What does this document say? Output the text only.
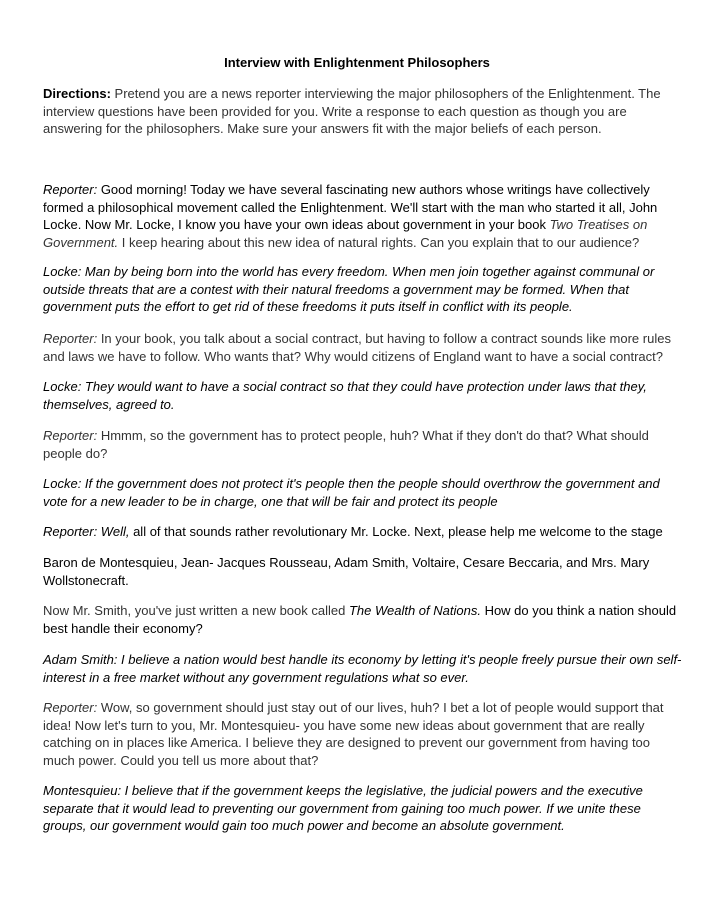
Interview with Enlightenment Philosophers
Directions: Pretend you are a news reporter interviewing the major philosophers of the Enlightenment. The interview questions have been provided for you. Write a response to each question as though you are answering for the philosophers. Make sure your answers fit with the major beliefs of each person.
Reporter: Good morning! Today we have several fascinating new authors whose writings have collectively formed a philosophical movement called the Enlightenment. We'll start with the man who started it all, John Locke. Now Mr. Locke, I know you have your own ideas about government in your book Two Treatises on Government. I keep hearing about this new idea of natural rights. Can you explain that to our audience?
Locke: Man by being born into the world has every freedom. When men join together against communal or outside threats that are a contest with their natural freedoms a government may be formed. When that government puts the effort to get rid of these freedoms it puts itself in conflict with its people.
Reporter: In your book, you talk about a social contract, but having to follow a contract sounds like more rules and laws we have to follow. Who wants that? Why would citizens of England want to have a social contract?
Locke: They would want to have a social contract so that they could have protection under laws that they, themselves, agreed to.
Reporter: Hmmm, so the government has to protect people, huh? What if they don't do that? What should people do?
Locke: If the government does not protect it's people then the people should overthrow the government and vote for a new leader to be in charge, one that will be fair and protect its people
Reporter: Well, all of that sounds rather revolutionary Mr. Locke. Next, please help me welcome to the stage
Baron de Montesquieu, Jean- Jacques Rousseau, Adam Smith, Voltaire, Cesare Beccaria, and Mrs. Mary Wollstonecraft.
Now Mr. Smith, you've just written a new book called The Wealth of Nations. How do you think a nation should best handle their economy?
Adam Smith: I believe a nation would best handle its economy by letting it's people freely pursue their own self-interest in a free market without any government regulations what so ever.
Reporter: Wow, so government should just stay out of our lives, huh? I bet a lot of people would support that idea! Now let's turn to you, Mr. Montesquieu- you have some new ideas about government that are really catching on in places like America. I believe they are designed to prevent our government from having too much power. Could you tell us more about that?
Montesquieu: I believe that if the government keeps the legislative, the judicial powers and the executive separate that it would lead to preventing our government from gaining too much power. If we unite these groups, our government would gain too much power and become an absolute government.
